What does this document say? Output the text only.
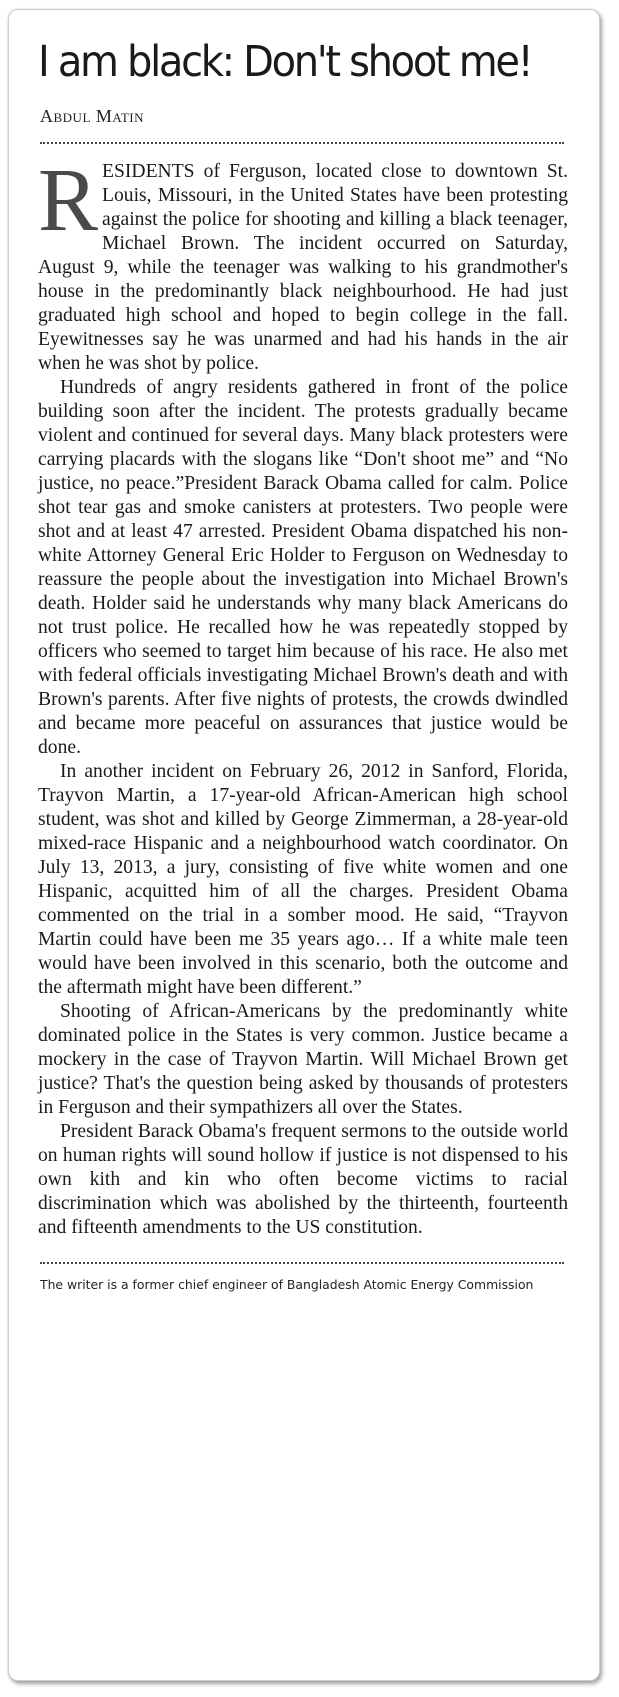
I am black: Don't shoot me!
Abdul Matin

RESIDENTS of Ferguson, located close to downtown St. Louis, Missouri, in the United States have been protesting against the police for shooting and killing a black teenager, Michael Brown. The incident occurred on Saturday, August 9, while the teenager was walking to his grandmother's house in the predominantly black neighbourhood. He had just graduated high school and hoped to begin college in the fall. Eyewitnesses say he was unarmed and had his hands in the air when he was shot by police.

Hundreds of angry residents gathered in front of the police building soon after the incident. The protests gradually became violent and continued for several days. Many black protesters were carrying placards with the slogans like “Don't shoot me” and “No justice, no peace.”President Barack Obama called for calm. Police shot tear gas and smoke canisters at protesters. Two people were shot and at least 47 arrested. President Obama dispatched his non-white Attorney General Eric Holder to Ferguson on Wednesday to reassure the people about the investigation into Michael Brown's death. Holder said he understands why many black Americans do not trust police. He recalled how he was repeatedly stopped by officers who seemed to target him because of his race. He also met with federal officials investigating Michael Brown's death and with Brown's parents. After five nights of protests, the crowds dwindled and became more peaceful on assurances that justice would be done.

In another incident on February 26, 2012 in Sanford, Florida, Trayvon Martin, a 17-year-old African-American high school student, was shot and killed by George Zimmerman, a 28-year-old mixed-race Hispanic and a neighbourhood watch coordinator. On July 13, 2013, a jury, consisting of five white women and one Hispanic, acquitted him of all the charges. President Obama commented on the trial in a somber mood. He said, “Trayvon Martin could have been me 35 years ago… If a white male teen would have been involved in this scenario, both the outcome and the aftermath might have been different.”

Shooting of African-Americans by the predominantly white dominated police in the States is very common. Justice became a mockery in the case of Trayvon Martin. Will Michael Brown get justice? That's the question being asked by thousands of protesters in Ferguson and their sympathizers all over the States.

President Barack Obama's frequent sermons to the outside world on human rights will sound hollow if justice is not dispensed to his own kith and kin who often become victims to racial discrimination which was abolished by the thirteenth, fourteenth and fifteenth amendments to the US constitution.

The writer is a former chief engineer of Bangladesh Atomic Energy Commission
